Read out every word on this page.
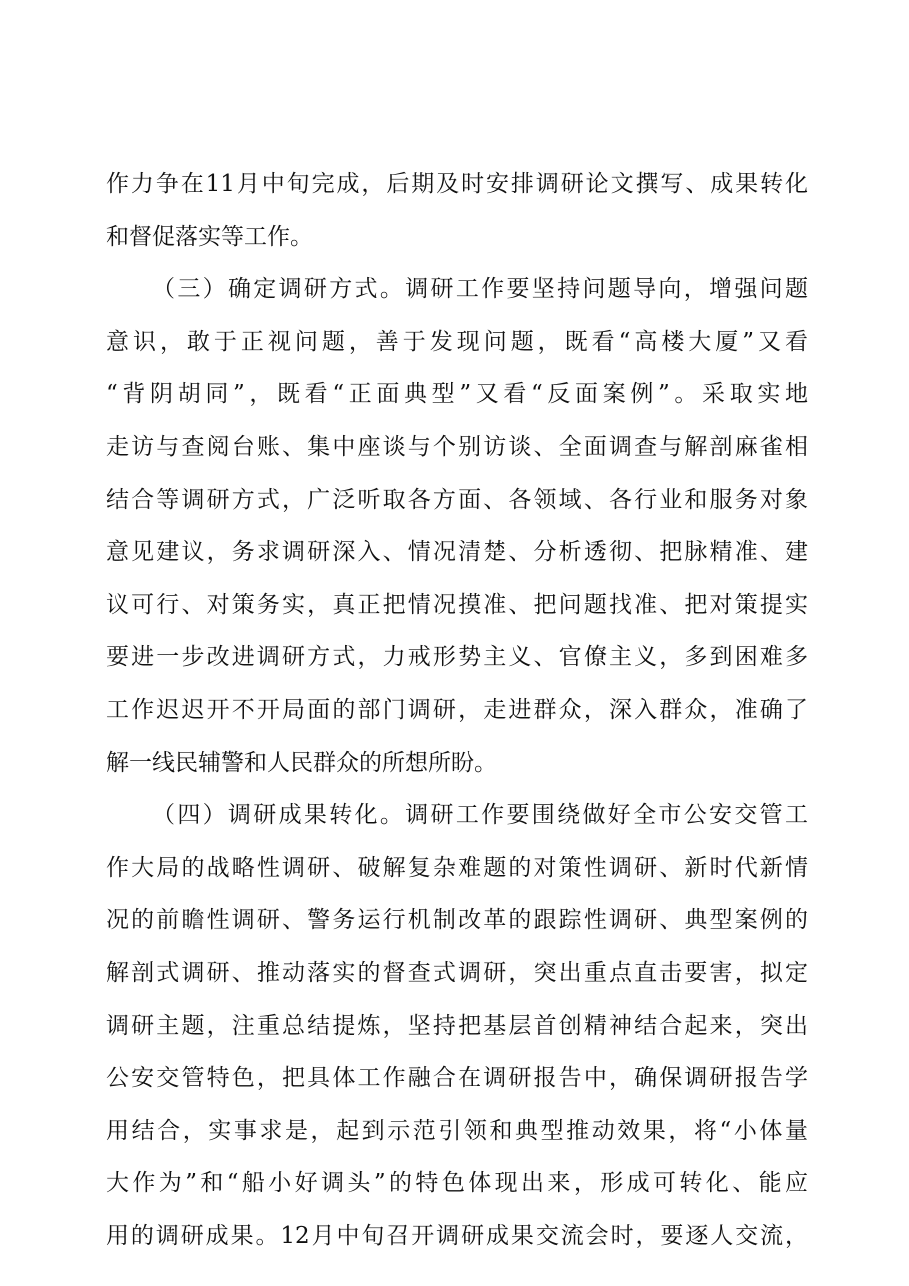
作力争在11月中旬完成，后期及时安排调研论文撰写、成果转化
和督促落实等工作。
（三）确定调研方式。调研工作要坚持问题导向，增强问题
意识，敢于正视问题，善于发现问题，既看“高楼大厦”又看
“背阴胡同”，既看“正面典型”又看“反面案例”。采取实地
走访与查阅台账、集中座谈与个别访谈、全面调查与解剖麻雀相
结合等调研方式，广泛听取各方面、各领域、各行业和服务对象
意见建议，务求调研深入、情况清楚、分析透彻、把脉精准、建
议可行、对策务实，真正把情况摸准、把问题找准、把对策提实
要进一步改进调研方式，力戒形势主义、官僚主义，多到困难多
工作迟迟开不开局面的部门调研，走进群众，深入群众，准确了
解一线民辅警和人民群众的所想所盼。
（四）调研成果转化。调研工作要围绕做好全市公安交管工
作大局的战略性调研、破解复杂难题的对策性调研、新时代新情
况的前瞻性调研、警务运行机制改革的跟踪性调研、典型案例的
解剖式调研、推动落实的督查式调研，突出重点直击要害，拟定
调研主题，注重总结提炼，坚持把基层首创精神结合起来，突出
公安交管特色，把具体工作融合在调研报告中，确保调研报告学
用结合，实事求是，起到示范引领和典型推动效果，将“小体量
大作为”和“船小好调头”的特色体现出来，形成可转化、能应
用的调研成果。12月中旬召开调研成果交流会时，要逐人交流，
